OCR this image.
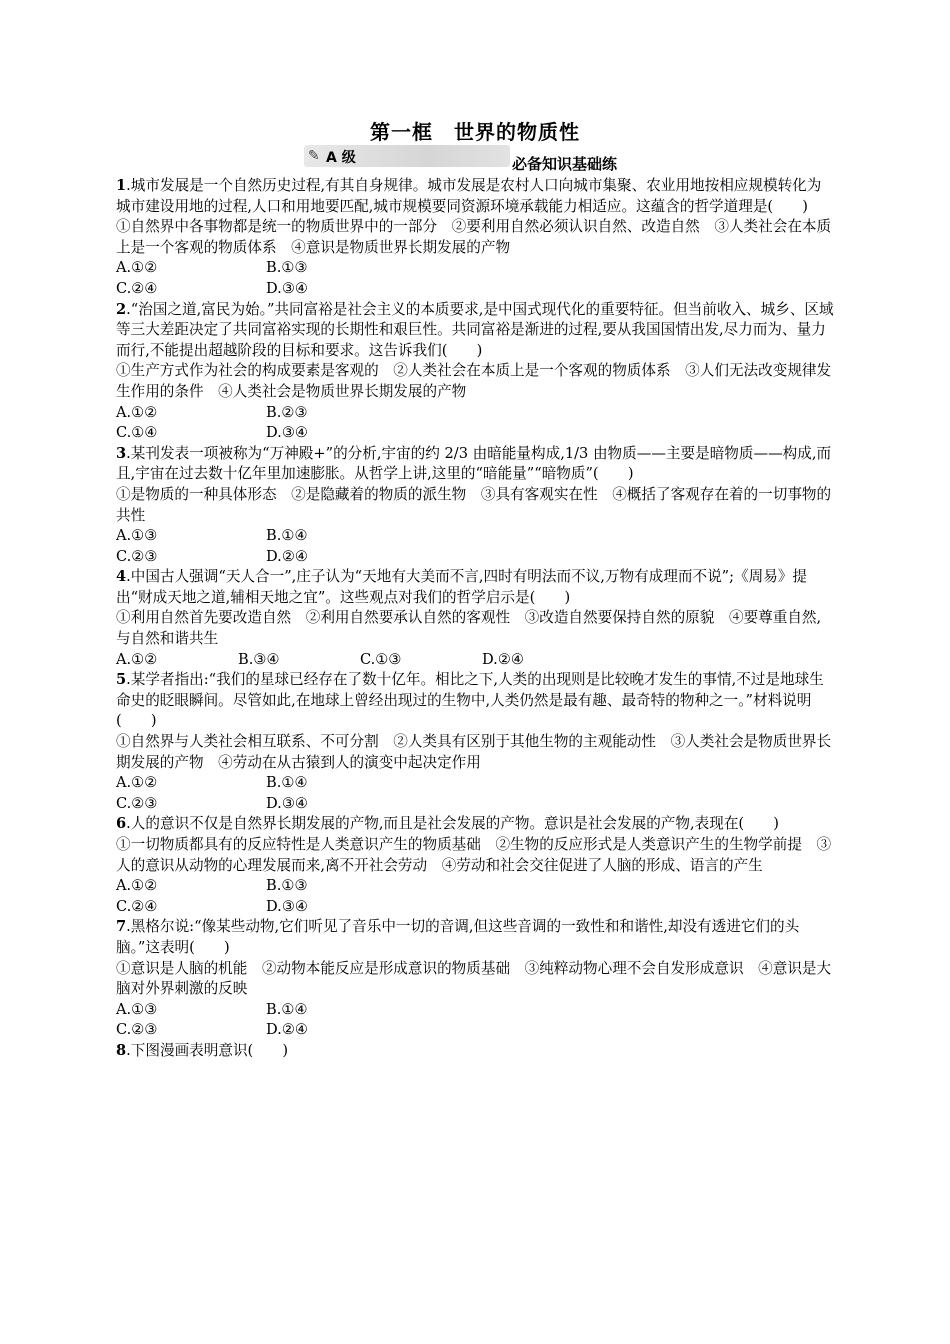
第一框　世界的物质性
✎ A 级	必备知识基础练
1.城市发展是一个自然历史过程,有其自身规律。城市发展是农村人口向城市集聚、农业用地按相应规模转化为城市建设用地的过程,人口和用地要匹配,城市规模要同资源环境承载能力相适应。这蕴含的哲学道理是(　　)
①自然界中各事物都是统一的物质世界中的一部分　②要利用自然必须认识自然、改造自然　③人类社会在本质上是一个客观的物质体系　④意识是物质世界长期发展的产物
A.①②	B.①③
C.②④	D.③④
2.“治国之道,富民为始。”共同富裕是社会主义的本质要求,是中国式现代化的重要特征。但当前收入、城乡、区域等三大差距决定了共同富裕实现的长期性和艰巨性。共同富裕是渐进的过程,要从我国国情出发,尽力而为、量力而行,不能提出超越阶段的目标和要求。这告诉我们(　　)
①生产方式作为社会的构成要素是客观的　②人类社会在本质上是一个客观的物质体系　③人们无法改变规律发生作用的条件　④人类社会是物质世界长期发展的产物
A.①②	B.②③
C.①④	D.③④
3.某刊发表一项被称为“万神殿+”的分析,宇宙的约 2/3 由暗能量构成,1/3 由物质——主要是暗物质——构成,而且,宇宙在过去数十亿年里加速膨胀。从哲学上讲,这里的“暗能量”“暗物质”(　　)
①是物质的一种具体形态　②是隐藏着的物质的派生物　③具有客观实在性　④概括了客观存在着的一切事物的共性
A.①③	B.①④
C.②③	D.②④
4.中国古人强调“天人合一”,庄子认为“天地有大美而不言,四时有明法而不议,万物有成理而不说”;《周易》提出“财成天地之道,辅相天地之宜”。这些观点对我们的哲学启示是(　　)
①利用自然首先要改造自然　②利用自然要承认自然的客观性　③改造自然要保持自然的原貌　④要尊重自然,与自然和谐共生
A.①②	B.③④	C.①③	D.②④
5.某学者指出:“我们的星球已经存在了数十亿年。相比之下,人类的出现则是比较晚才发生的事情,不过是地球生命史的眨眼瞬间。尽管如此,在地球上曾经出现过的生物中,人类仍然是最有趣、最奇特的物种之一。”材料说明(　　)
①自然界与人类社会相互联系、不可分割　②人类具有区别于其他生物的主观能动性　③人类社会是物质世界长期发展的产物　④劳动在从古猿到人的演变中起决定作用
A.①②	B.①④
C.②③	D.③④
6.人的意识不仅是自然界长期发展的产物,而且是社会发展的产物。意识是社会发展的产物,表现在(　　)
①一切物质都具有的反应特性是人类意识产生的物质基础　②生物的反应形式是人类意识产生的生物学前提　③人的意识从动物的心理发展而来,离不开社会劳动　④劳动和社会交往促进了人脑的形成、语言的产生
A.①②	B.①③
C.②④	D.③④
7.黑格尔说:“像某些动物,它们听见了音乐中一切的音调,但这些音调的一致性和和谐性,却没有透进它们的头脑。”这表明(　　)
①意识是人脑的机能　②动物本能反应是形成意识的物质基础　③纯粹动物心理不会自发形成意识　④意识是大脑对外界刺激的反映
A.①③	B.①④
C.②③	D.②④
8.下图漫画表明意识(　　)
